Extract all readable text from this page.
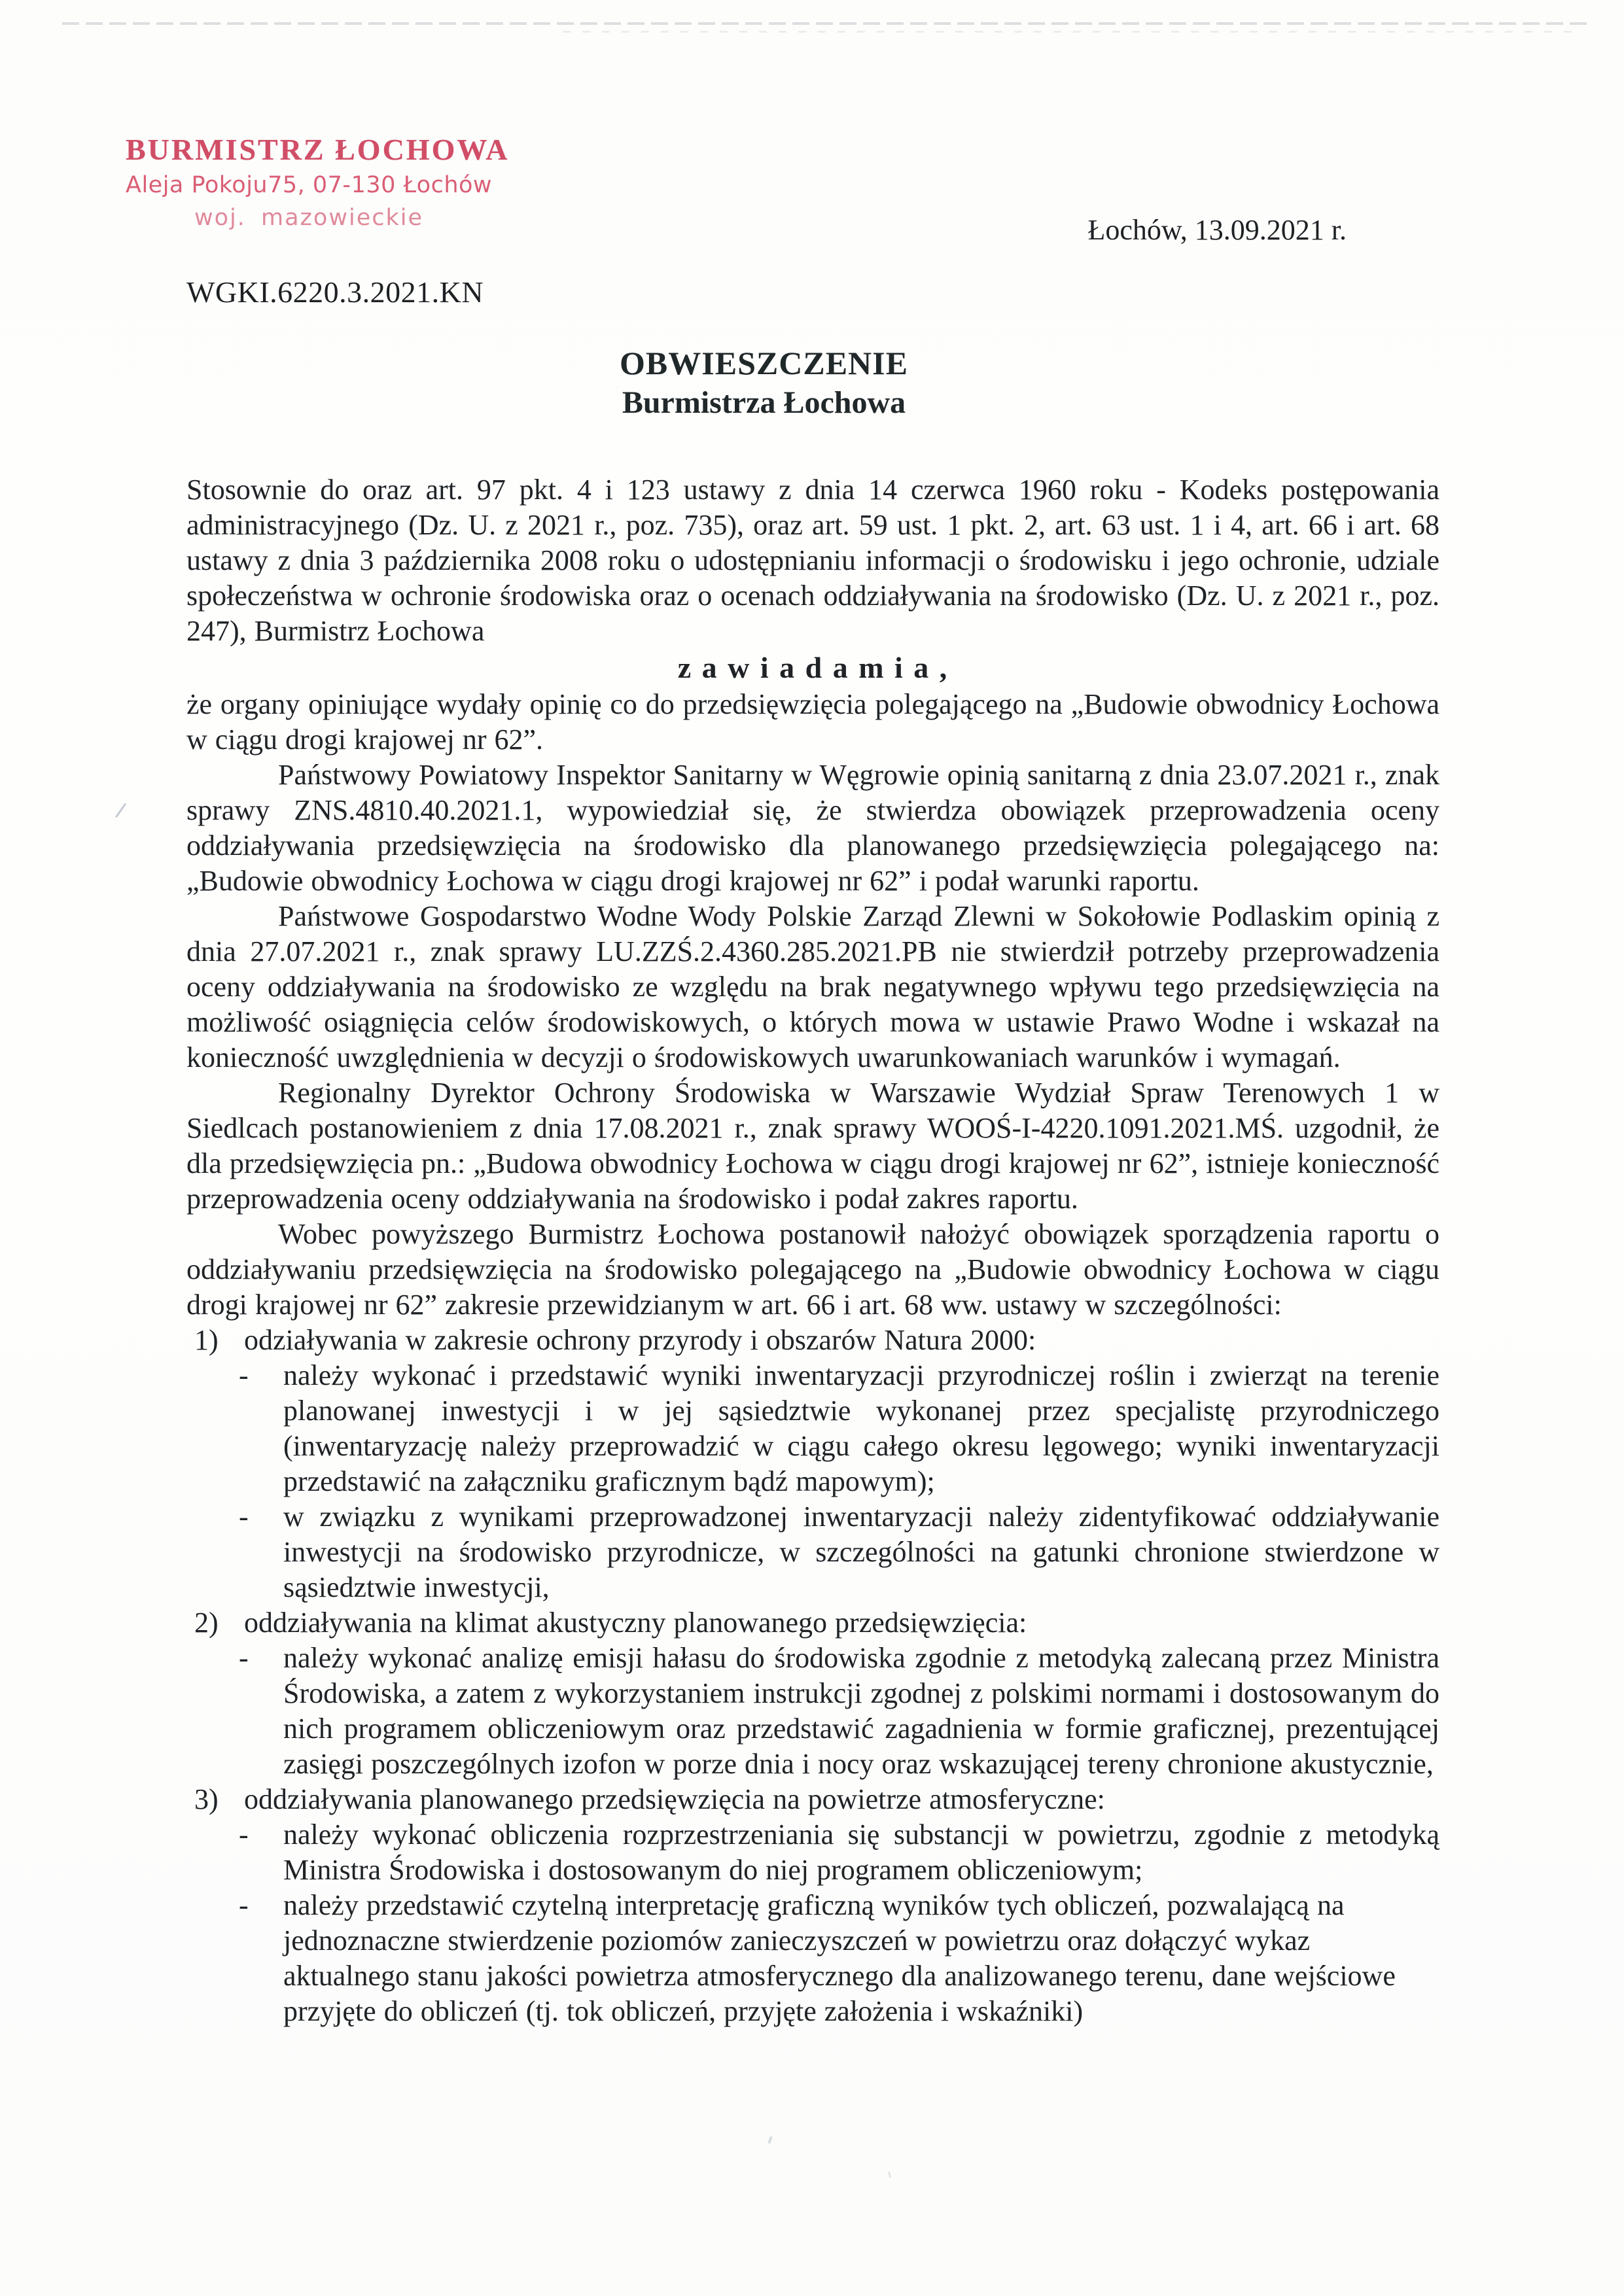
BURMISTRZ ŁOCHOWA
Aleja Pokoju75, 07-130 Łochów
woj. mazowieckie	Łochów, 13.09.2021 r.
WGKI.6220.3.2021.KN
OBWIESZCZENIE
Burmistrza Łochowa

Stosownie do oraz art. 97 pkt. 4 i 123 ustawy z dnia 14 czerwca 1960 roku - Kodeks postępowania administracyjnego (Dz. U. z 2021 r., poz. 735), oraz art. 59 ust. 1 pkt. 2, art. 63 ust. 1 i 4, art. 66 i art. 68 ustawy z dnia 3 października 2008 roku o udostępnianiu informacji o środowisku i jego ochronie, udziale społeczeństwa w ochronie środowiska oraz o ocenach oddziaływania na środowisko (Dz. U. z 2021 r., poz. 247), Burmistrz Łochowa

z a w i a d a m i a ,

że organy opiniujące wydały opinię co do przedsięwzięcia polegającego na „Budowie obwodnicy Łochowa w ciągu drogi krajowej nr 62”.

Państwowy Powiatowy Inspektor Sanitarny w Węgrowie opinią sanitarną z dnia 23.07.2021 r., znak sprawy ZNS.4810.40.2021.1, wypowiedział się, że stwierdza obowiązek przeprowadzenia oceny oddziaływania przedsięwzięcia na środowisko dla planowanego przedsięwzięcia polegającego na: „Budowie obwodnicy Łochowa w ciągu drogi krajowej nr 62” i podał warunki raportu.

Państwowe Gospodarstwo Wodne Wody Polskie Zarząd Zlewni w Sokołowie Podlaskim opinią z dnia 27.07.2021 r., znak sprawy LU.ZZŚ.2.4360.285.2021.PB nie stwierdził potrzeby przeprowadzenia oceny oddziaływania na środowisko ze względu na brak negatywnego wpływu tego przedsięwzięcia na możliwość osiągnięcia celów środowiskowych, o których mowa w ustawie Prawo Wodne i wskazał na konieczność uwzględnienia w decyzji o środowiskowych uwarunkowaniach warunków i wymagań.

Regionalny Dyrektor Ochrony Środowiska w Warszawie Wydział Spraw Terenowych 1 w Siedlcach postanowieniem z dnia 17.08.2021 r., znak sprawy WOOŚ-I-4220.1091.2021.MŚ. uzgodnił, że dla przedsięwzięcia pn.: „Budowa obwodnicy Łochowa w ciągu drogi krajowej nr 62”, istnieje konieczność przeprowadzenia oceny oddziaływania na środowisko i podał zakres raportu.

Wobec powyższego Burmistrz Łochowa postanowił nałożyć obowiązek sporządzenia raportu o oddziaływaniu przedsięwzięcia na środowisko polegającego na „Budowie obwodnicy Łochowa w ciągu drogi krajowej nr 62” zakresie przewidzianym w art. 66 i art. 68 ww. ustawy w szczególności:

1) odziaływania w zakresie ochrony przyrody i obszarów Natura 2000:
- należy wykonać i przedstawić wyniki inwentaryzacji przyrodniczej roślin i zwierząt na terenie planowanej inwestycji i w jej sąsiedztwie wykonanej przez specjalistę przyrodniczego (inwentaryzację należy przeprowadzić w ciągu całego okresu lęgowego; wyniki inwentaryzacji przedstawić na załączniku graficznym bądź mapowym);
- w związku z wynikami przeprowadzonej inwentaryzacji należy zidentyfikować oddziaływanie inwestycji na środowisko przyrodnicze, w szczególności na gatunki chronione stwierdzone w sąsiedztwie inwestycji,
2) oddziaływania na klimat akustyczny planowanego przedsięwzięcia:
- należy wykonać analizę emisji hałasu do środowiska zgodnie z metodyką zalecaną przez Ministra Środowiska, a zatem z wykorzystaniem instrukcji zgodnej z polskimi normami i dostosowanym do nich programem obliczeniowym oraz przedstawić zagadnienia w formie graficznej, prezentującej zasięgi poszczególnych izofon w porze dnia i nocy oraz wskazującej tereny chronione akustycznie,
3) oddziaływania planowanego przedsięwzięcia na powietrze atmosferyczne:
- należy wykonać obliczenia rozprzestrzeniania się substancji w powietrzu, zgodnie z metodyką Ministra Środowiska i dostosowanym do niej programem obliczeniowym;
- należy przedstawić czytelną interpretację graficzną wyników tych obliczeń, pozwalającą na jednoznaczne stwierdzenie poziomów zanieczyszczeń w powietrzu oraz dołączyć wykaz aktualnego stanu jakości powietrza atmosferycznego dla analizowanego terenu, dane wejściowe przyjęte do obliczeń (tj. tok obliczeń, przyjęte założenia i wskaźniki)
